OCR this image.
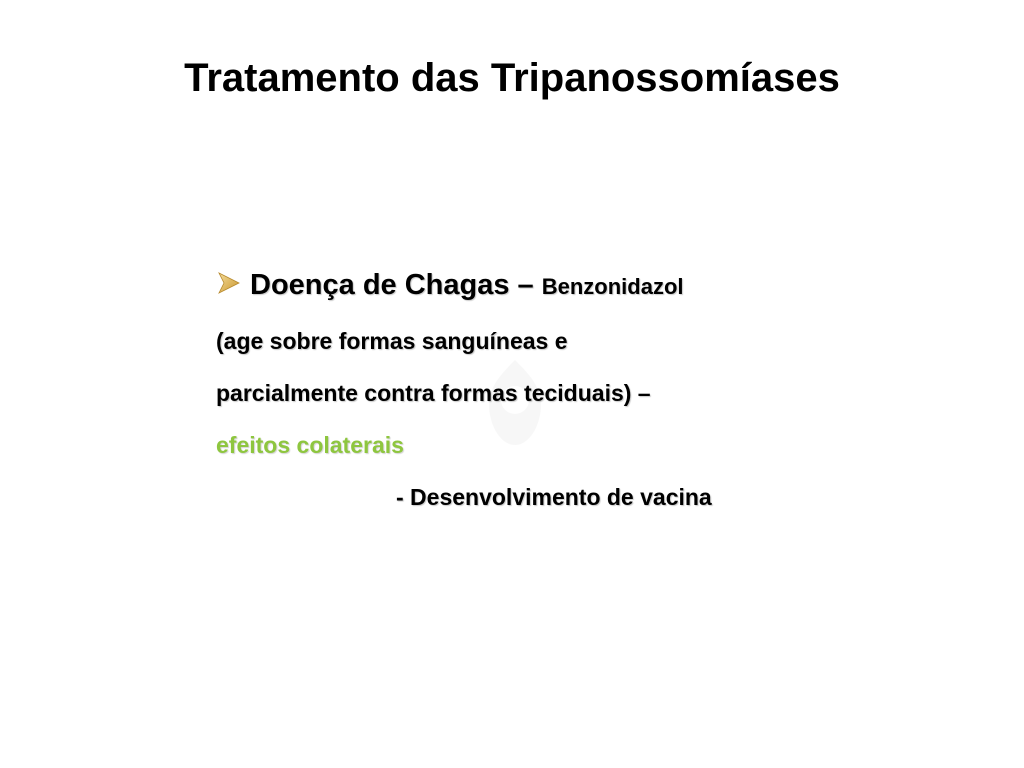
Tratamento das Tripanossomíases
Doença de Chagas – Benzonidazol
(age sobre formas sanguíneas e
parcialmente contra formas teciduais) –
efeitos colaterais
- Desenvolvimento de vacina
